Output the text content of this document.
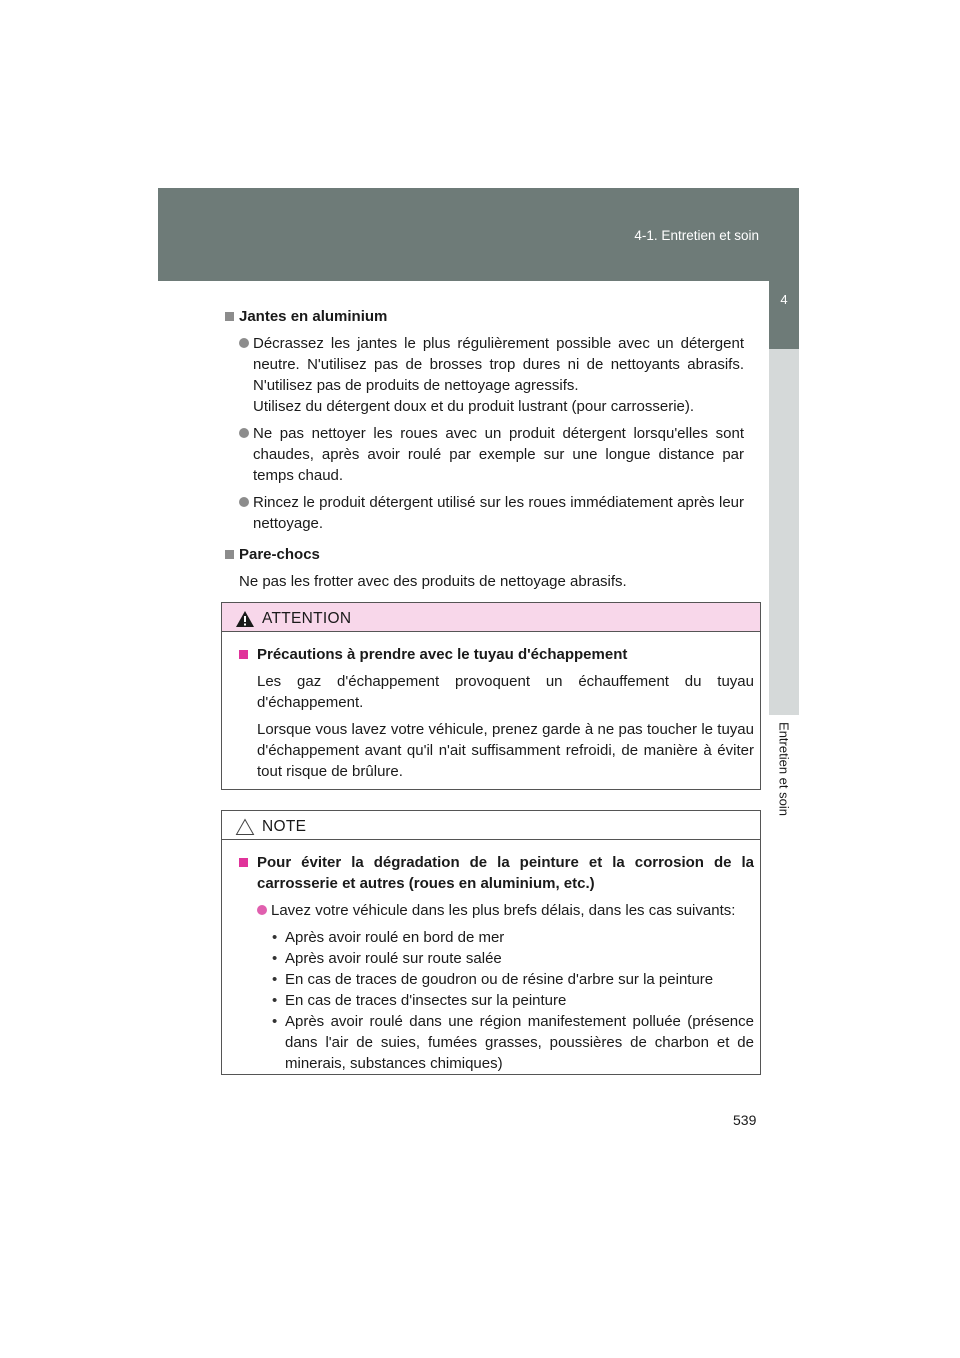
4-1. Entretien et soin
4
Entretien et soin
Jantes en aluminium
Décrassez les jantes le plus régulièrement possible avec un détergent neutre. N'utilisez pas de brosses trop dures ni de nettoyants abrasifs. N'utilisez pas de produits de nettoyage agressifs.
Utilisez du détergent doux et du produit lustrant (pour carrosserie).
Ne pas nettoyer les roues avec un produit détergent lorsqu'elles sont chaudes, après avoir roulé par exemple sur une longue distance par temps chaud.
Rincez le produit détergent utilisé sur les roues immédiatement après leur nettoyage.
Pare-chocs
Ne pas les frotter avec des produits de nettoyage abrasifs.
ATTENTION
Précautions à prendre avec le tuyau d'échappement
Les gaz d'échappement provoquent un échauffement du tuyau d'échappement.
Lorsque vous lavez votre véhicule, prenez garde à ne pas toucher le tuyau d'échappement avant qu'il n'ait suffisamment refroidi, de manière à éviter tout risque de brûlure.
NOTE
Pour éviter la dégradation de la peinture et la corrosion de la carrosserie et autres (roues en aluminium, etc.)
Lavez votre véhicule dans les plus brefs délais, dans les cas suivants:
• Après avoir roulé en bord de mer
• Après avoir roulé sur route salée
• En cas de traces de goudron ou de résine d'arbre sur la peinture
• En cas de traces d'insectes sur la peinture
• Après avoir roulé dans une région manifestement polluée (présence dans l'air de suies, fumées grasses, poussières de charbon et de minerais, substances chimiques)
539
